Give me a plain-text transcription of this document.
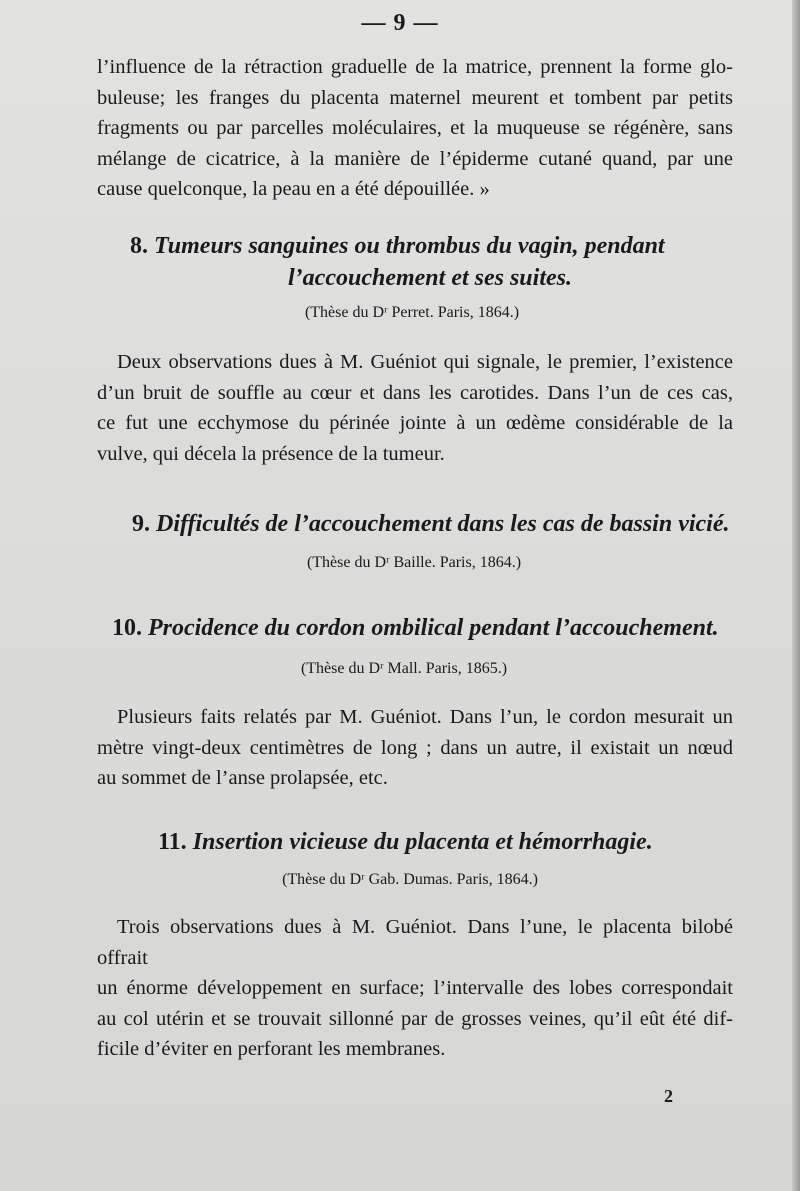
— 9 —
l’influence de la rétraction graduelle de la matrice, prennent la forme glo-
buleuse; les franges du placenta maternel meurent et tombent par petits
fragments ou par parcelles moléculaires, et la muqueuse se régénère, sans
mélange de cicatrice, à la manière de l’épiderme cutané quand, par une
cause quelconque, la peau en a été dépouillée. »
8. Tumeurs sanguines ou thrombus du vagin, pendant
l’accouchement et ses suites.
(Thèse du Dʳ Perret. Paris, 1864.)
Deux observations dues à M. Guéniot qui signale, le premier, l’existence
d’un bruit de souffle au cœur et dans les carotides. Dans l’un de ces cas,
ce fut une ecchymose du périnée jointe à un œdème considérable de la
vulve, qui décela la présence de la tumeur.
9. Difficultés de l’accouchement dans les cas de bassin vicié.
(Thèse du Dʳ Baille. Paris, 1864.)
10. Procidence du cordon ombilical pendant l’accouchement.
(Thèse du Dʳ Mall. Paris, 1865.)
Plusieurs faits relatés par M. Guéniot. Dans l’un, le cordon mesurait un
mètre vingt-deux centimètres de long ; dans un autre, il existait un nœud
au sommet de l’anse prolapsée, etc.
11. Insertion vicieuse du placenta et hémorrhagie.
(Thèse du Dʳ Gab. Dumas. Paris, 1864.)
Trois observations dues à M. Guéniot. Dans l’une, le placenta bilobé offrait
un énorme développement en surface; l’intervalle des lobes correspondait
au col utérin et se trouvait sillonné par de grosses veines, qu’il eût été dif-
ficile d’éviter en perforant les membranes.
2
